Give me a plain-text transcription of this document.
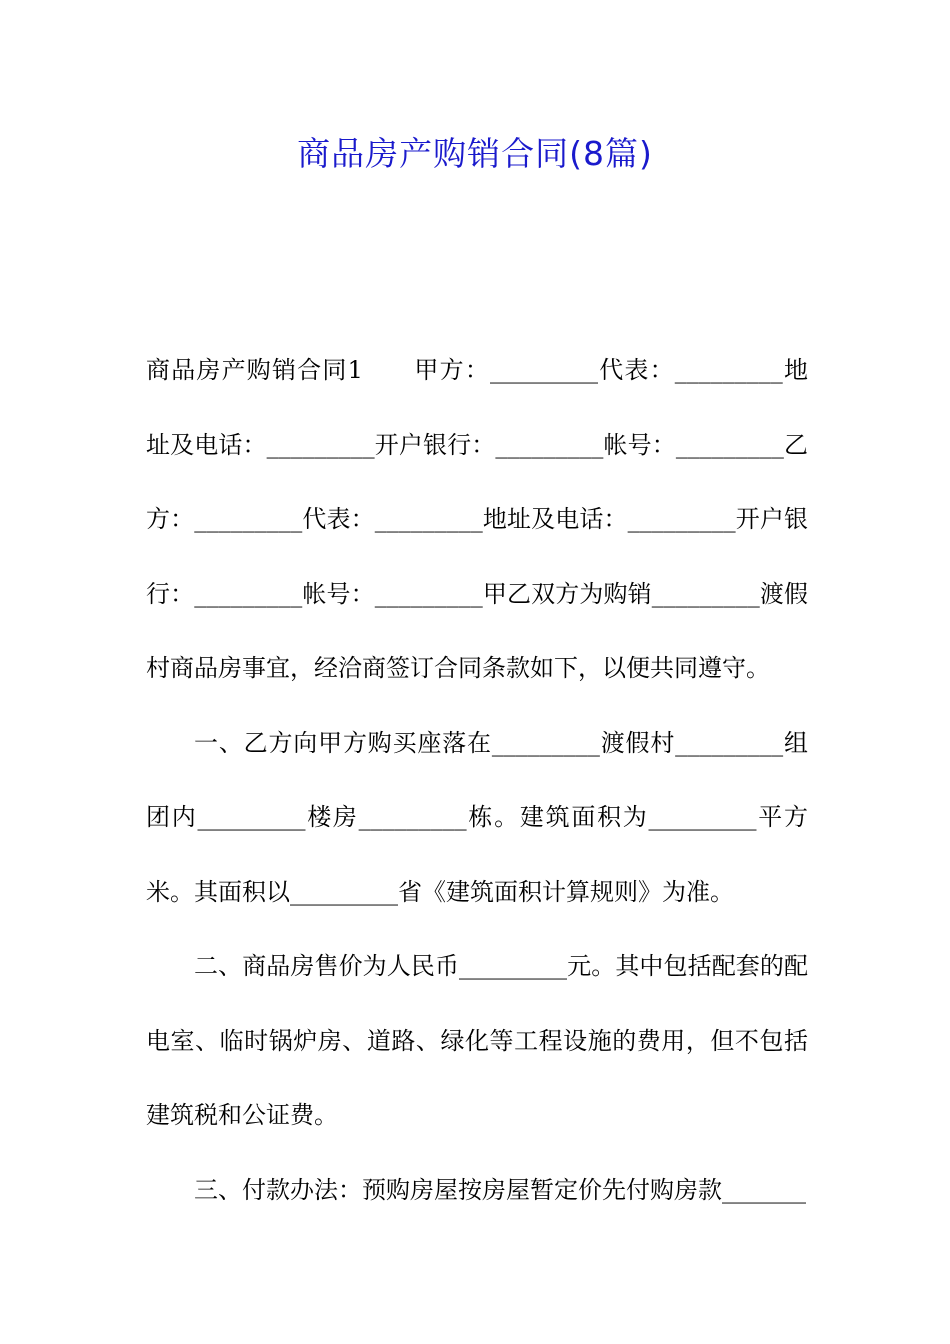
商品房产购销合同(8篇)

商品房产购销合同1　　甲方：_________代表：_________地址及电话：_________开户银行：_________帐号：_________乙方：_________代表：_________地址及电话：_________开户银行：_________帐号：_________甲乙双方为购销_________渡假村商品房事宜，经洽商签订合同条款如下，以便共同遵守。

一、乙方向甲方购买座落在_________渡假村_________组团内_________楼房_________栋。建筑面积为_________平方米。其面积以_________省《建筑面积计算规则》为准。

二、商品房售价为人民币_________元。其中包括配套的配电室、临时锅炉房、道路、绿化等工程设施的费用，但不包括建筑税和公证费。

三、付款办法：预购房屋按房屋暂定价先付购房款_______
